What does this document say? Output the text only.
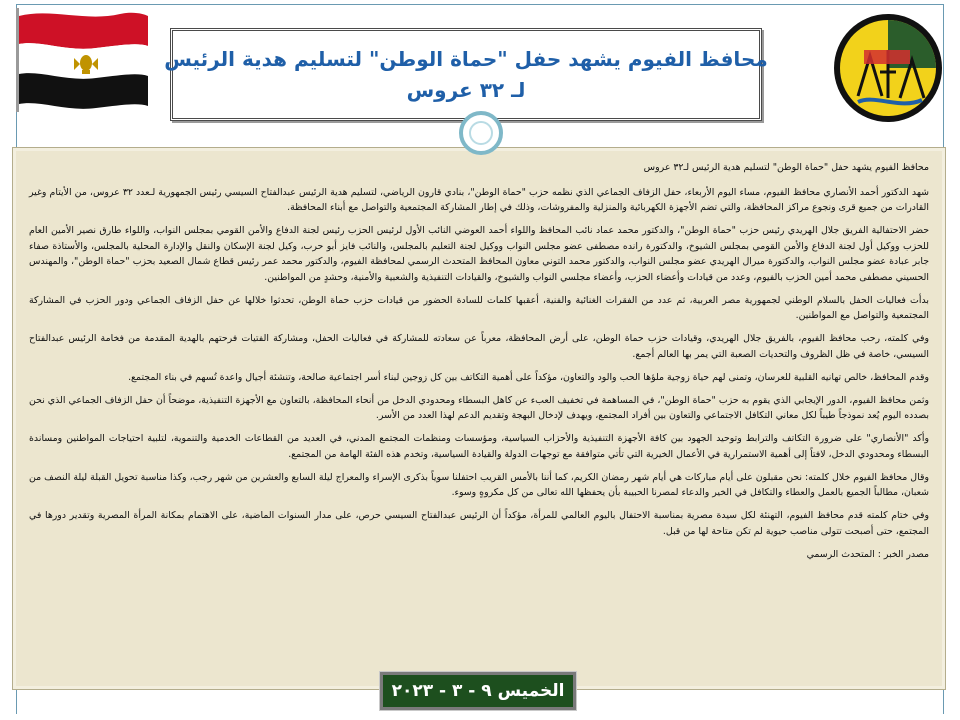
محافظ الفيوم يشهد حفل "حماة الوطن" لتسليم هدية الرئيس
لـ ٣٢ عروس

محافظ الفيوم يشهد حفل "حماة الوطن" لتسليم هدية الرئيس لـ٣٢ عروس

شهد الدكتور أحمد الأنصاري محافظ الفيوم، مساء اليوم الأربعاء، حفل الزفاف الجماعي الذي نظمه حزب "حماة الوطن"، بنادي قارون الرياضي، لتسليم هدية الرئيس عبدالفتاح السيسي رئيس الجمهورية لـعدد ٣٢ عروس، من الأيتام وغير القادرات من جميع قرى ونجوع مراكز المحافظة، والتي تضم الأجهزة الكهربائية والمنزلية والمفروشات، وذلك في إطار المشاركة المجتمعية والتواصل مع أبناء المحافظة.

حضر الاحتفالية الفريق جلال الهريدي رئيس حزب "حماة الوطن"، والدكتور محمد عماد نائب المحافظ واللواء أحمد العوضي النائب الأول لرئيس الحزب رئيس لجنة الدفاع والأمن القومي بمجلس النواب، واللواء طارق نصير الأمين العام للحزب ووكيل أول لجنة الدفاع والأمن القومي بمجلس الشيوخ، والدكتورة رانده مصطفى عضو مجلس النواب ووكيل لجنة التعليم بالمجلس، والنائب فايز أبو حرب، وكيل لجنة الإسكان والنقل والإدارة المحلية بالمجلس، والأستاذة صفاء جابر عبادة عضو مجلس النواب، والدكتورة ميرال الهريدي عضو مجلس النواب، والدكتور محمد التوني معاون المحافظ المتحدث الرسمي لمحافظة الفيوم، والدكتور محمد عمر رئيس قطاع شمال الصعيد بحزب "حماة الوطن"، والمهندس الحسيني مصطفى محمد أمين الحزب بالفيوم، وعدد من قيادات وأعضاء الحزب، وأعضاء مجلسي النواب والشيوخ، والقيادات التنفيذية والشعبية والأمنية، وحشدٍ من المواطنين.

بدأت فعاليات الحفل بالسلام الوطني لجمهورية مصر العربية، ثم عدد من الفقرات الغنائية والفنية، أعقبها كلمات للسادة الحضور من قيادات حزب حماة الوطن، تحدثوا خلالها عن حفل الزفاف الجماعي ودور الحزب في المشاركة المجتمعية والتواصل مع المواطنين.

وفي كلمته، رحب محافظ الفيوم، بالفريق جلال الهريدي، وقيادات حزب حماة الوطن، على أرض المحافظة، معرباً عن سعادته للمشاركة في فعاليات الحفل، ومشاركة الفتيات فرحتهم بالهدية المقدمة من فخامة الرئيس عبدالفتاح السيسي، خاصة في ظل الظروف والتحديات الصعبة التي يمر بها العالم أجمع.

وقدم المحافظ، خالص تهانيه القلبية للعرسان، وتمنى لهم حياة زوجية ملؤها الحب والود والتعاون، مؤكداً على أهمية التكاتف بين كل زوجين لبناء أسر اجتماعية صالحة، وتنشئة أجيال واعدة تُسهم في بناء المجتمع.

وثمن محافظ الفيوم، الدور الإيجابي الذي يقوم به حزب "حماة الوطن"، في المساهمة في تخفيف العبء عن كاهل البسطاء ومحدودي الدخل من أنحاء المحافظة، بالتعاون مع الأجهزة التنفيذية، موضحاً أن حفل الزفاف الجماعي الذي نحن بصدده اليوم يُعد نموذجاً طيباً لكل معاني التكافل الاجتماعي والتعاون بين أفراد المجتمع، ويهدف لإدخال البهجة وتقديم الدعم لهذا العدد من الأسر.

وأكد "الأنصاري" على ضرورة التكاتف والترابط وتوحيد الجهود بين كافة الأجهزة التنفيذية والأحزاب السياسية، ومؤسسات ومنظمات المجتمع المدني، في العديد من القطاعات الخدمية والتنموية، لتلبية احتياجات المواطنين ومساندة البسطاء ومحدودي الدخل، لافتاً إلى أهمية الاستمرارية في الأعمال الخيرية التي تأتي متوافقة مع توجهات الدولة والقيادة السياسية، وتخدم هذه الفئة الهامة من المجتمع.

وقال محافظ الفيوم خلال كلمته: نحن مقبلون على أيام مباركات هي أيام شهر رمضان الكريم، كما أننا بالأمس القريب احتفلنا سوياً بذكرى الإسراء والمعراج ليلة السابع والعشرين من شهر رجب، وكذا مناسبة تحويل القبلة ليلة النصف من شعبان، مطالباً الجميع بالعمل والعطاء والتكافل في الخير والدعاء لمصرنا الحبيبة بأن يحفظها الله تعالى من كل مكروهٍ وسوء.

وفي ختام كلمته قدم محافظ الفيوم، التهنئة لكل سيدة مصرية بمناسبة الاحتفال باليوم العالمي للمرأة، مؤكداً أن الرئيس عبدالفتاح السيسي حرص، على مدار السنوات الماضية، على الاهتمام بمكانة المرأة المصرية وتقدير دورها في المجتمع، حتى أصبحت تتولى مناصب حيوية لم تكن متاحة لها من قبل.

مصدر الخبر : المتحدث الرسمي

الخميس ٩ - ٣ - ٢٠٢٣
